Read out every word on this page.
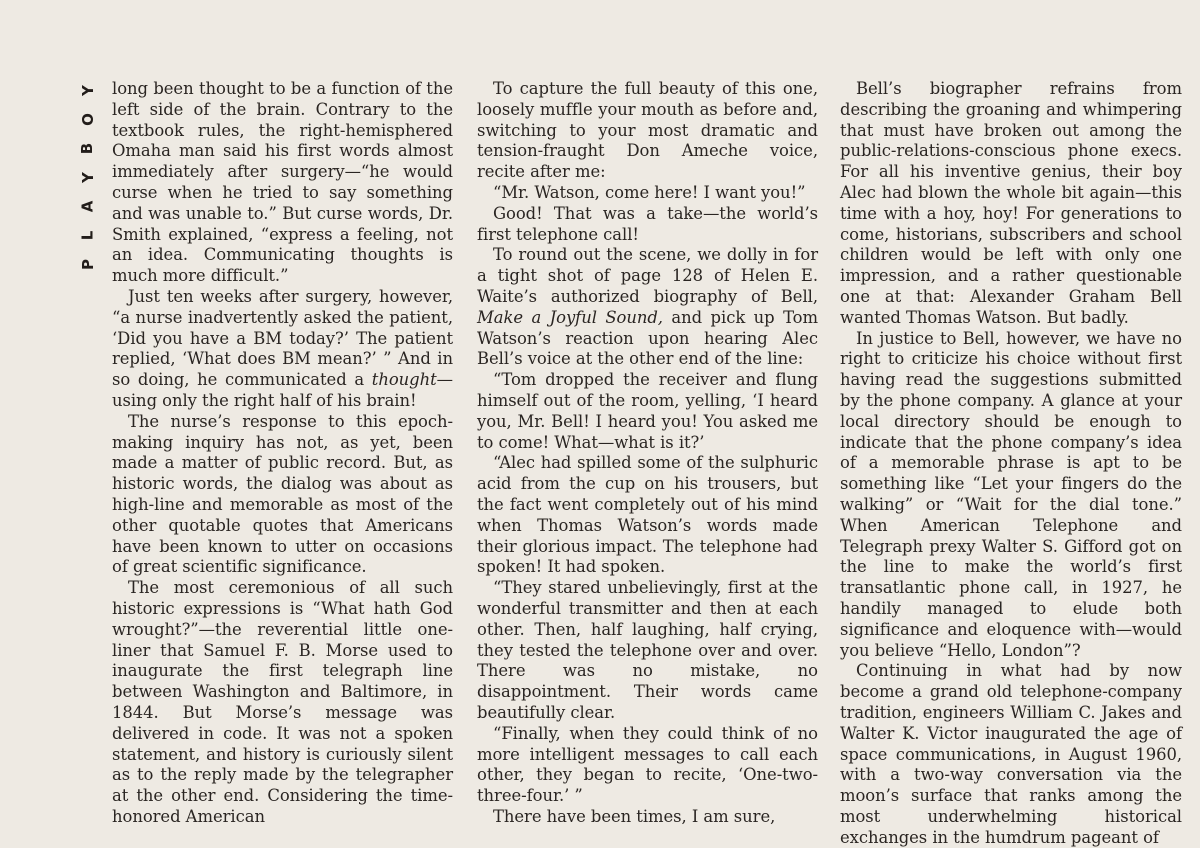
Y
O
B
Y
A
L
P

long been thought to be a function of the left side of the brain. Contrary to the textbook rules, the right-hemisphered Omaha man said his first words almost immediately after surgery—“he would curse when he tried to say something and was unable to.” But curse words, Dr. Smith explained, “express a feeling, not an idea. Communicating thoughts is much more difficult.”

Just ten weeks after surgery, however, “a nurse inadvertently asked the patient, ‘Did you have a BM today?’ The patient replied, ‘What does BM mean?’ ” And in so doing, he communicated a thought—using only the right half of his brain!

The nurse’s response to this epoch-making inquiry has not, as yet, been made a matter of public record. But, as historic words, the dialog was about as high-line and memorable as most of the other quotable quotes that Americans have been known to utter on occasions of great scientific significance.

The most ceremonious of all such historic expressions is “What hath God wrought?”—the reverential little one-liner that Samuel F. B. Morse used to inaugurate the first telegraph line between Washington and Baltimore, in 1844. But Morse’s message was delivered in code. It was not a spoken statement, and history is curiously silent as to the reply made by the telegrapher at the other end. Considering the time-honored American

To capture the full beauty of this one, loosely muffle your mouth as before and, switching to your most dramatic and tension-fraught Don Ameche voice, recite after me:

“Mr. Watson, come here! I want you!”

Good! That was a take—the world’s first telephone call!

To round out the scene, we dolly in for a tight shot of page 128 of Helen E. Waite’s authorized biography of Bell, Make a Joyful Sound, and pick up Tom Watson’s reaction upon hearing Alec Bell’s voice at the other end of the line:

“Tom dropped the receiver and flung himself out of the room, yelling, ‘I heard you, Mr. Bell! I heard you! You asked me to come! What—what is it?’

“Alec had spilled some of the sulphuric acid from the cup on his trousers, but the fact went completely out of his mind when Thomas Watson’s words made their glorious impact. The telephone had spoken! It had spoken.

“They stared unbelievingly, first at the wonderful transmitter and then at each other. Then, half laughing, half crying, they tested the telephone over and over. There was no mistake, no disappointment. Their words came beautifully clear.

“Finally, when they could think of no more intelligent messages to call each other, they began to recite, ‘One-two-three-four.’ ”

There have been times, I am sure,

Bell’s biographer refrains from describing the groaning and whimpering that must have broken out among the public-relations-conscious phone execs. For all his inventive genius, their boy Alec had blown the whole bit again—this time with a hoy, hoy! For generations to come, historians, subscribers and school children would be left with only one impression, and a rather questionable one at that: Alexander Graham Bell wanted Thomas Watson. But badly.

In justice to Bell, however, we have no right to criticize his choice without first having read the suggestions submitted by the phone company. A glance at your local directory should be enough to indicate that the phone company’s idea of a memorable phrase is apt to be something like “Let your fingers do the walking” or “Wait for the dial tone.” When American Telephone and Telegraph prexy Walter S. Gifford got on the line to make the world’s first transatlantic phone call, in 1927, he handily managed to elude both significance and eloquence with—would you believe “Hello, London”?

Continuing in what had by now become a grand old telephone-company tradition, engineers William C. Jakes and Walter K. Victor inaugurated the age of space communications, in August 1960, with a two-way conversation via the moon’s surface that ranks among the most underwhelming historical exchanges in the humdrum pageant of
